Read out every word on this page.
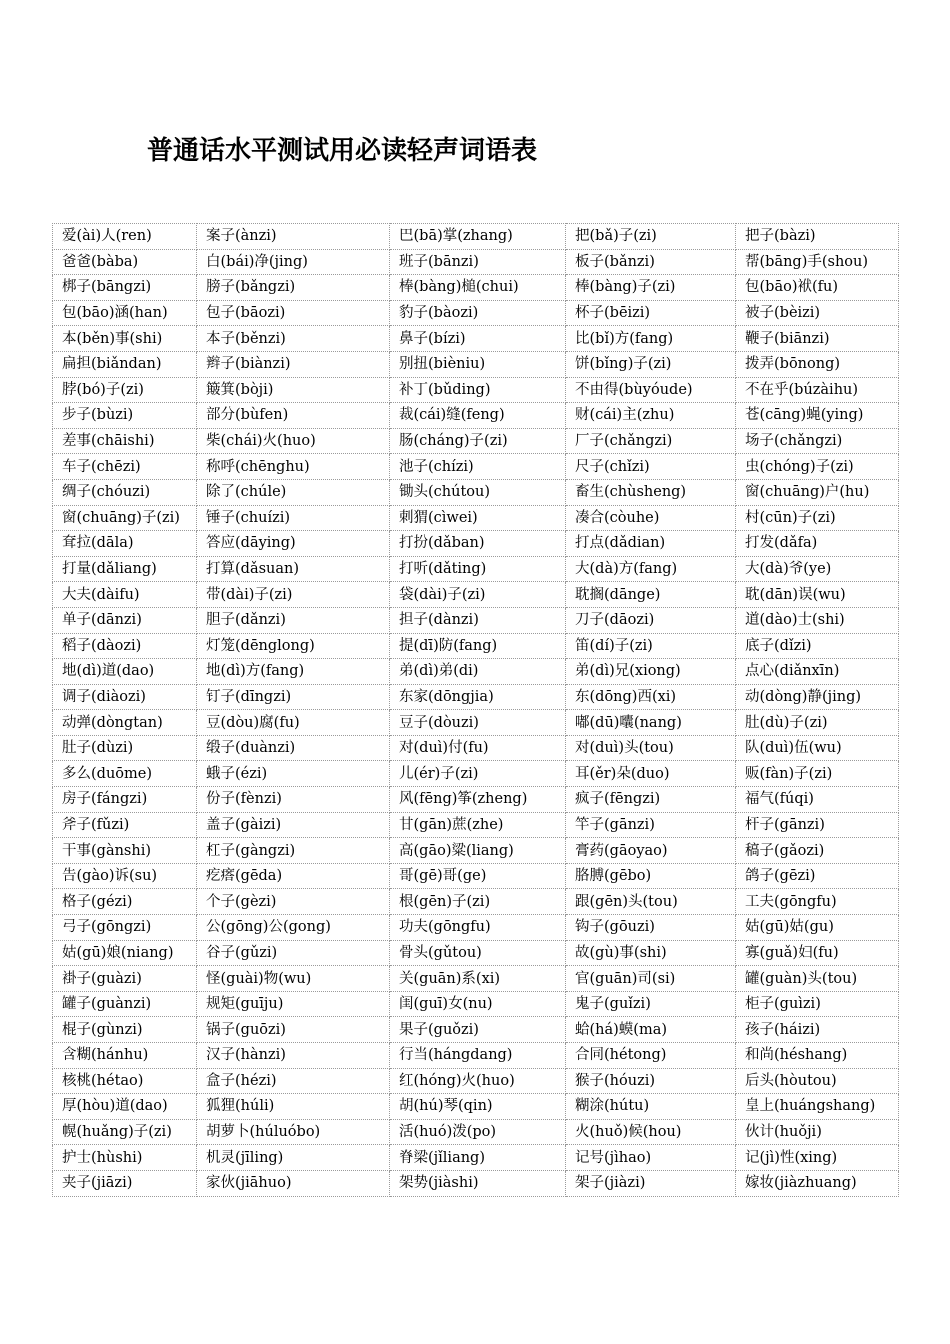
普通话水平测试用必读轻声词语表
爱(ài)人(ren)	案子(ànzi)	巴(bā)掌(zhang)	把(bǎ)子(zi)	把子(bàzi)
爸爸(bàba)	白(bái)净(jing)	班子(bānzi)	板子(bǎnzi)	帮(bāng)手(shou)
梆子(bāngzi)	膀子(bǎngzi)	棒(bàng)槌(chui)	棒(bàng)子(zi)	包(bāo)袱(fu)
包(bāo)涵(han)	包子(bāozi)	豹子(bàozi)	杯子(bēizi)	被子(bèizi)
本(běn)事(shi)	本子(běnzi)	鼻子(bízi)	比(bǐ)方(fang)	鞭子(biānzi)
扁担(biǎndan)	辫子(biànzi)	别扭(bièniu)	饼(bǐng)子(zi)	拨弄(bōnong)
脖(bó)子(zi)	簸箕(bòji)	补丁(bǔding)	不由得(bùyóude)	不在乎(búzàihu)
步子(bùzi)	部分(bùfen)	裁(cái)缝(feng)	财(cái)主(zhu)	苍(cāng)蝇(ying)
差事(chāishi)	柴(chái)火(huo)	肠(cháng)子(zi)	厂子(chǎngzi)	场子(chǎngzi)
车子(chēzi)	称呼(chēnghu)	池子(chízi)	尺子(chǐzi)	虫(chóng)子(zi)
绸子(chóuzi)	除了(chúle)	锄头(chútou)	畜生(chùsheng)	窗(chuāng)户(hu)
窗(chuāng)子(zi)	锤子(chuízi)	刺猬(cìwei)	凑合(còuhe)	村(cūn)子(zi)
耷拉(dāla)	答应(dāying)	打扮(dǎban)	打点(dǎdian)	打发(dǎfa)
打量(dǎliang)	打算(dǎsuan)	打听(dǎting)	大(dà)方(fang)	大(dà)爷(ye)
大夫(dàifu)	带(dài)子(zi)	袋(dài)子(zi)	耽搁(dānge)	耽(dān)误(wu)
单子(dānzi)	胆子(dǎnzi)	担子(dànzi)	刀子(dāozi)	道(dào)士(shi)
稻子(dàozi)	灯笼(dēnglong)	提(dī)防(fang)	笛(dí)子(zi)	底子(dǐzi)
地(dì)道(dao)	地(dì)方(fang)	弟(dì)弟(di)	弟(dì)兄(xiong)	点心(diǎnxīn)
调子(diàozi)	钉子(dīngzi)	东家(dōngjia)	东(dōng)西(xi)	动(dòng)静(jing)
动弹(dòngtan)	豆(dòu)腐(fu)	豆子(dòuzi)	嘟(dū)囔(nang)	肚(dù)子(zi)
肚子(dùzi)	缎子(duànzi)	对(duì)付(fu)	对(duì)头(tou)	队(duì)伍(wu)
多么(duōme)	蛾子(ézi)	儿(ér)子(zi)	耳(ěr)朵(duo)	贩(fàn)子(zi)
房子(fángzi)	份子(fènzi)	风(fēng)筝(zheng)	疯子(fēngzi)	福气(fúqi)
斧子(fǔzi)	盖子(gàizi)	甘(gān)蔗(zhe)	竿子(gānzi)	杆子(gānzi)
干事(gànshi)	杠子(gàngzi)	高(gāo)粱(liang)	膏药(gāoyao)	稿子(gǎozi)
告(gào)诉(su)	疙瘩(gēda)	哥(gē)哥(ge)	胳膊(gēbo)	鸽子(gēzi)
格子(gézi)	个子(gèzi)	根(gēn)子(zi)	跟(gēn)头(tou)	工夫(gōngfu)
弓子(gōngzi)	公(gōng)公(gong)	功夫(gōngfu)	钩子(gōuzi)	姑(gū)姑(gu)
姑(gū)娘(niang)	谷子(gǔzi)	骨头(gǔtou)	故(gù)事(shi)	寡(guǎ)妇(fu)
褂子(guàzi)	怪(guài)物(wu)	关(guān)系(xi)	官(guān)司(si)	罐(guàn)头(tou)
罐子(guànzi)	规矩(guīju)	闺(guī)女(nu)	鬼子(guǐzi)	柜子(guìzi)
棍子(gùnzi)	锅子(guōzi)	果子(guǒzi)	蛤(há)蟆(ma)	孩子(háizi)
含糊(hánhu)	汉子(hànzi)	行当(hángdang)	合同(hétong)	和尚(héshang)
核桃(hétao)	盒子(hézi)	红(hóng)火(huo)	猴子(hóuzi)	后头(hòutou)
厚(hòu)道(dao)	狐狸(húli)	胡(hú)琴(qin)	糊涂(hútu)	皇上(huángshang)
幌(huǎng)子(zi)	胡萝卜(húluóbo)	活(huó)泼(po)	火(huǒ)候(hou)	伙计(huǒji)
护士(hùshi)	机灵(jīling)	脊梁(jǐliang)	记号(jìhao)	记(jì)性(xing)
夹子(jiāzi)	家伙(jiāhuo)	架势(jiàshi)	架子(jiàzi)	嫁妆(jiàzhuang)
